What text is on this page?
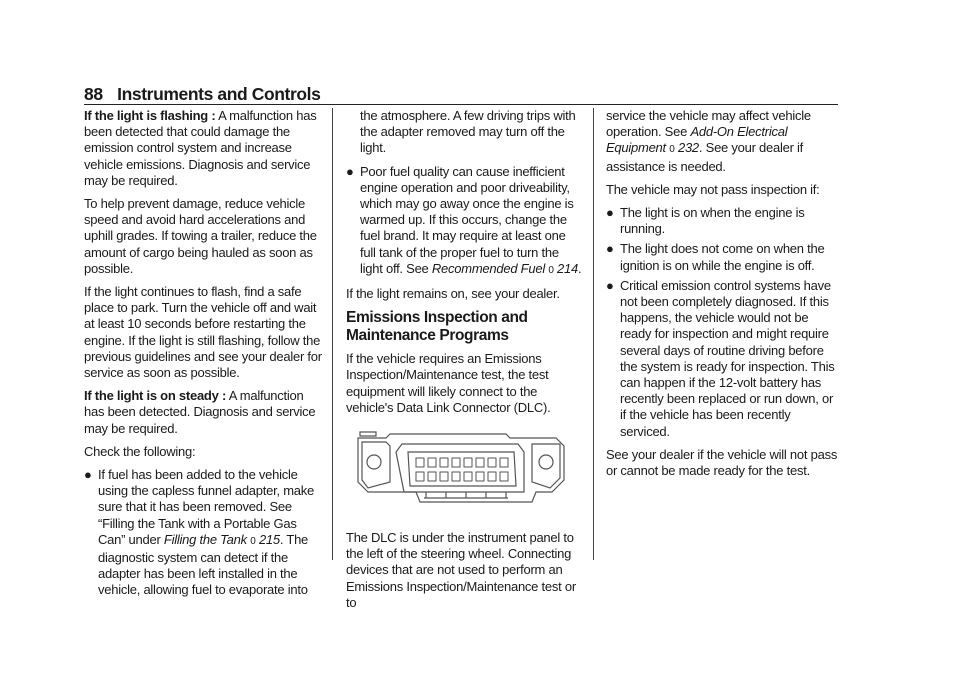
88 Instruments and Controls

If the light is flashing : A malfunction has been detected that could damage the emission control system and increase vehicle emissions. Diagnosis and service may be required.

To help prevent damage, reduce vehicle speed and avoid hard accelerations and uphill grades. If towing a trailer, reduce the amount of cargo being hauled as soon as possible.

If the light continues to flash, find a safe place to park. Turn the vehicle off and wait at least 10 seconds before restarting the engine. If the light is still flashing, follow the previous guidelines and see your dealer for service as soon as possible.

If the light is on steady : A malfunction has been detected. Diagnosis and service may be required.

Check the following:

● If fuel has been added to the vehicle using the capless funnel adapter, make sure that it has been removed. See “Filling the Tank with a Portable Gas Can” under Filling the Tank 0 215. The diagnostic system can detect if the adapter has been left installed in the vehicle, allowing fuel to evaporate into

the atmosphere. A few driving trips with the adapter removed may turn off the light.

● Poor fuel quality can cause inefficient engine operation and poor driveability, which may go away once the engine is warmed up. If this occurs, change the fuel brand. It may require at least one full tank of the proper fuel to turn the light off. See Recommended Fuel 0 214.

If the light remains on, see your dealer.

Emissions Inspection and Maintenance Programs

If the vehicle requires an Emissions Inspection/Maintenance test, the test equipment will likely connect to the vehicle's Data Link Connector (DLC).

The DLC is under the instrument panel to the left of the steering wheel. Connecting devices that are not used to perform an Emissions Inspection/Maintenance test or to

service the vehicle may affect vehicle operation. See Add-On Electrical Equipment 0 232. See your dealer if assistance is needed.

The vehicle may not pass inspection if:

● The light is on when the engine is running.
● The light does not come on when the ignition is on while the engine is off.
● Critical emission control systems have not been completely diagnosed. If this happens, the vehicle would not be ready for inspection and might require several days of routine driving before the system is ready for inspection. This can happen if the 12-volt battery has recently been replaced or run down, or if the vehicle has been recently serviced.

See your dealer if the vehicle will not pass or cannot be made ready for the test.
